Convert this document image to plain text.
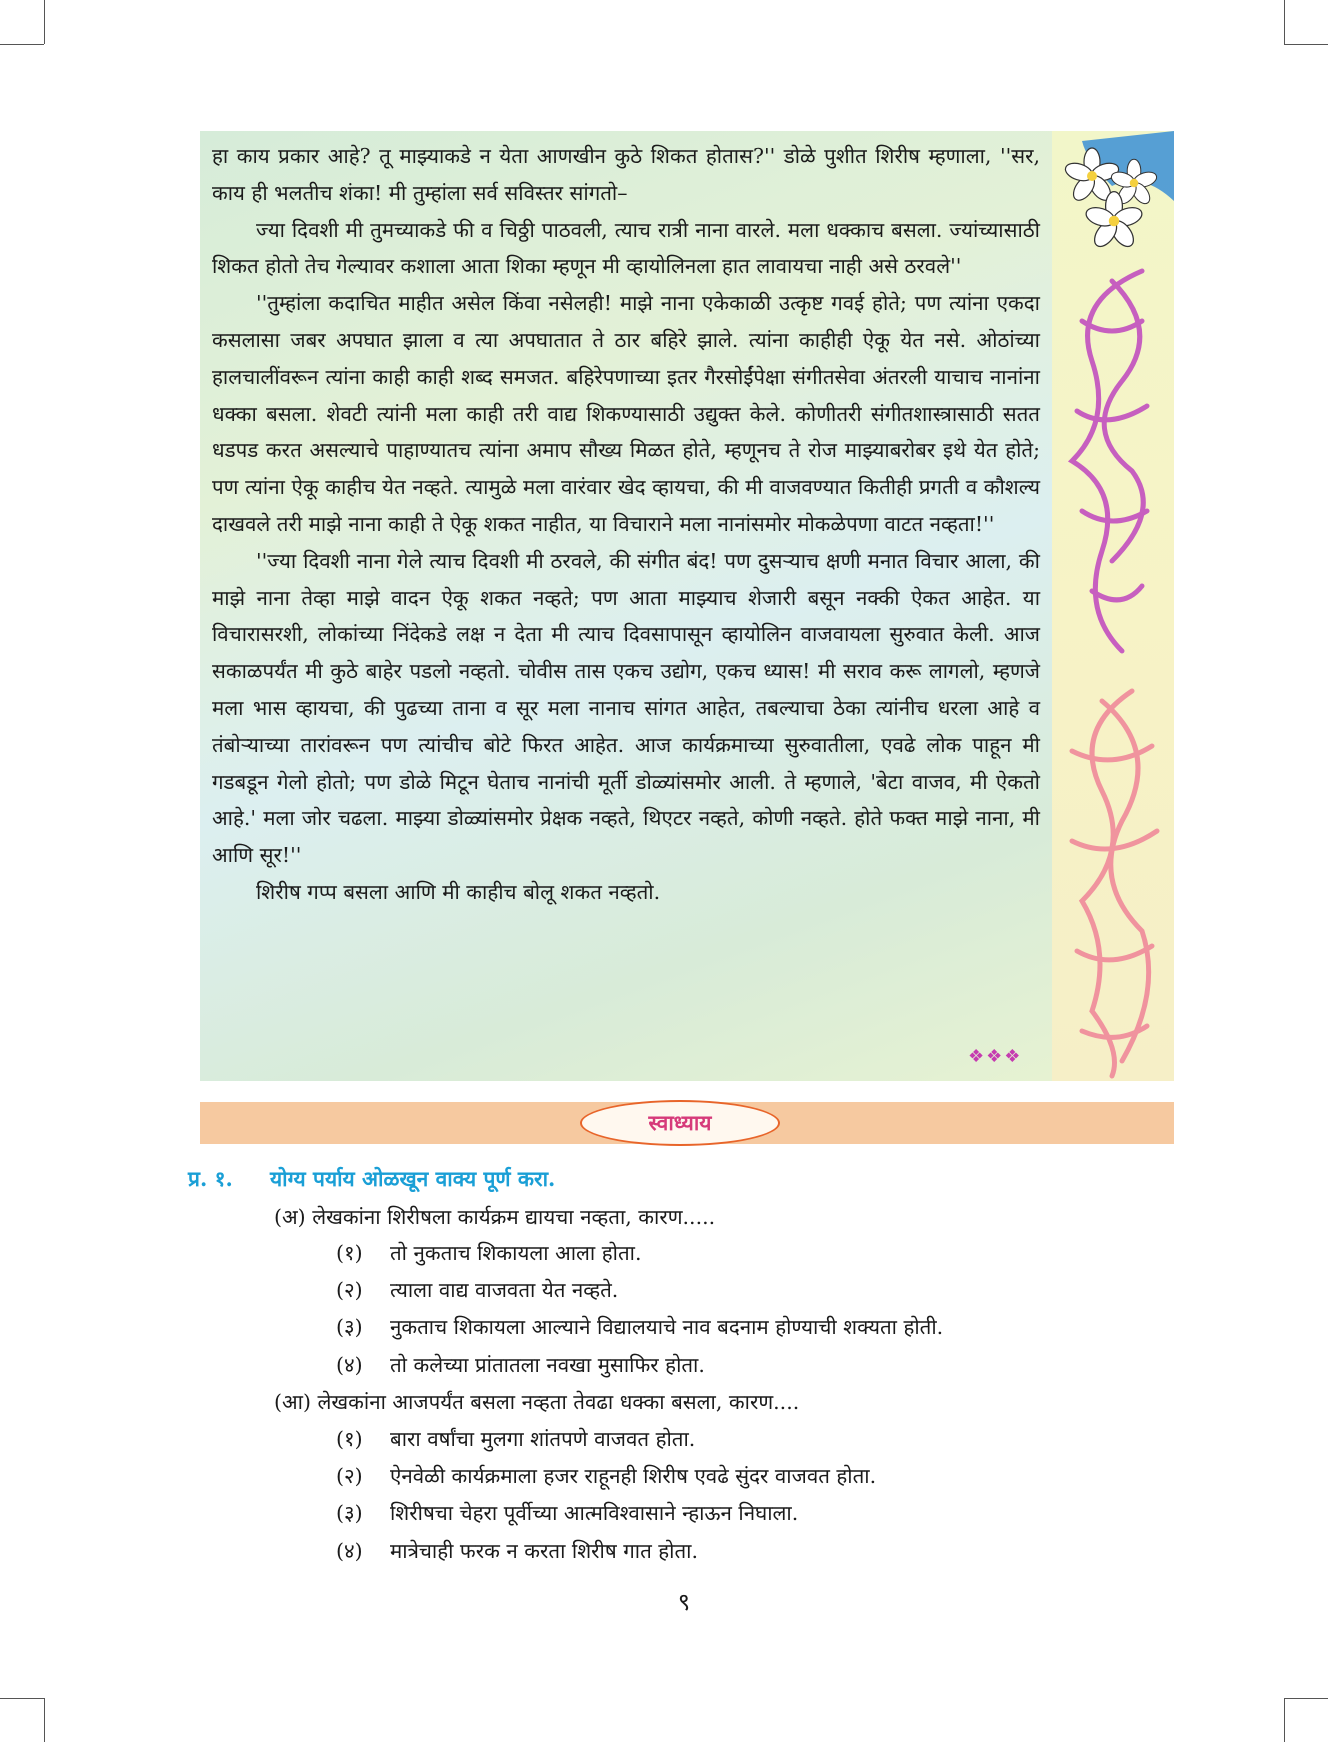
हा काय प्रकार आहे? तू माझ्याकडे न येता आणखीन कुठे शिकत होतास?'' डोळे पुशीत शिरीष म्हणाला, ''सर, काय ही भलतीच शंका! मी तुम्हांला सर्व सविस्तर सांगतो–

ज्या दिवशी मी तुमच्याकडे फी व चिठ्ठी पाठवली, त्याच रात्री नाना वारले. मला धक्काच बसला. ज्यांच्यासाठी शिकत होतो तेच गेल्यावर कशाला आता शिका म्हणून मी व्हायोलिनला हात लावायचा नाही असे ठरवले''

''तुम्हांला कदाचित माहीत असेल किंवा नसेलही! माझे नाना एकेकाळी उत्कृष्ट गवई होते; पण त्यांना एकदा कसलासा जबर अपघात झाला व त्या अपघातात ते ठार बहिरे झाले. त्यांना काहीही ऐकू येत नसे. ओठांच्या हालचालींवरून त्यांना काही काही शब्द समजत. बहिरेपणाच्या इतर गैरसोईंपेक्षा संगीतसेवा अंतरली याचाच नानांना धक्का बसला. शेवटी त्यांनी मला काही तरी वाद्य शिकण्यासाठी उद्युक्त केले. कोणीतरी संगीतशास्त्रासाठी सतत धडपड करत असल्याचे पाहाण्यातच त्यांना अमाप सौख्य मिळत होते, म्हणूनच ते रोज माझ्याबरोबर इथे येत होते; पण त्यांना ऐकू काहीच येत नव्हते. त्यामुळे मला वारंवार खेद व्हायचा, की मी वाजवण्यात कितीही प्रगती व कौशल्य दाखवले तरी माझे नाना काही ते ऐकू शकत नाहीत, या विचाराने मला नानांसमोर मोकळेपणा वाटत नव्हता!''

''ज्या दिवशी नाना गेले त्याच दिवशी मी ठरवले, की संगीत बंद! पण दुसऱ्याच क्षणी मनात विचार आला, की माझे नाना तेव्हा माझे वादन ऐकू शकत नव्हते; पण आता माझ्याच शेजारी बसून नक्की ऐकत आहेत. या विचारासरशी, लोकांच्या निंदेकडे लक्ष न देता मी त्याच दिवसापासून व्हायोलिन वाजवायला सुरुवात केली. आज सकाळपर्यंत मी कुठे बाहेर पडलो नव्हतो. चोवीस तास एकच उद्योग, एकच ध्यास! मी सराव करू लागलो, म्हणजे मला भास व्हायचा, की पुढच्या ताना व सूर मला नानाच सांगत आहेत, तबल्याचा ठेका त्यांनीच धरला आहे व तंबोऱ्याच्या तारांवरून पण त्यांचीच बोटे फिरत आहेत. आज कार्यक्रमाच्या सुरुवातीला, एवढे लोक पाहून मी गडबडून गेलो होतो; पण डोळे मिटून घेताच नानांची मूर्ती डोळ्यांसमोर आली. ते म्हणाले, 'बेटा वाजव, मी ऐकतो आहे.' मला जोर चढला. माझ्या डोळ्यांसमोर प्रेक्षक नव्हते, थिएटर नव्हते, कोणी नव्हते. होते फक्त माझे नाना, मी आणि सूर!''

शिरीष गप्प बसला आणि मी काहीच बोलू शकत नव्हतो.

❖❖❖
स्वाध्याय
प्र. १. योग्य पर्याय ओळखून वाक्य पूर्ण करा.
(अ) लेखकांना शिरीषला कार्यक्रम द्यायचा नव्हता, कारण.....
(१) तो नुकताच शिकायला आला होता.
(२) त्याला वाद्य वाजवता येत नव्हते.
(३) नुकताच शिकायला आल्याने विद्यालयाचे नाव बदनाम होण्याची शक्यता होती.
(४) तो कलेच्या प्रांतातला नवखा मुसाफिर होता.
(आ) लेखकांना आजपर्यंत बसला नव्हता तेवढा धक्का बसला, कारण....
(१) बारा वर्षांचा मुलगा शांतपणे वाजवत होता.
(२) ऐनवेळी कार्यक्रमाला हजर राहूनही शिरीष एवढे सुंदर वाजवत होता.
(३) शिरीषचा चेहरा पूर्वीच्या आत्मविश्वासाने न्हाऊन निघाला.
(४) मात्रेचाही फरक न करता शिरीष गात होता.
९
